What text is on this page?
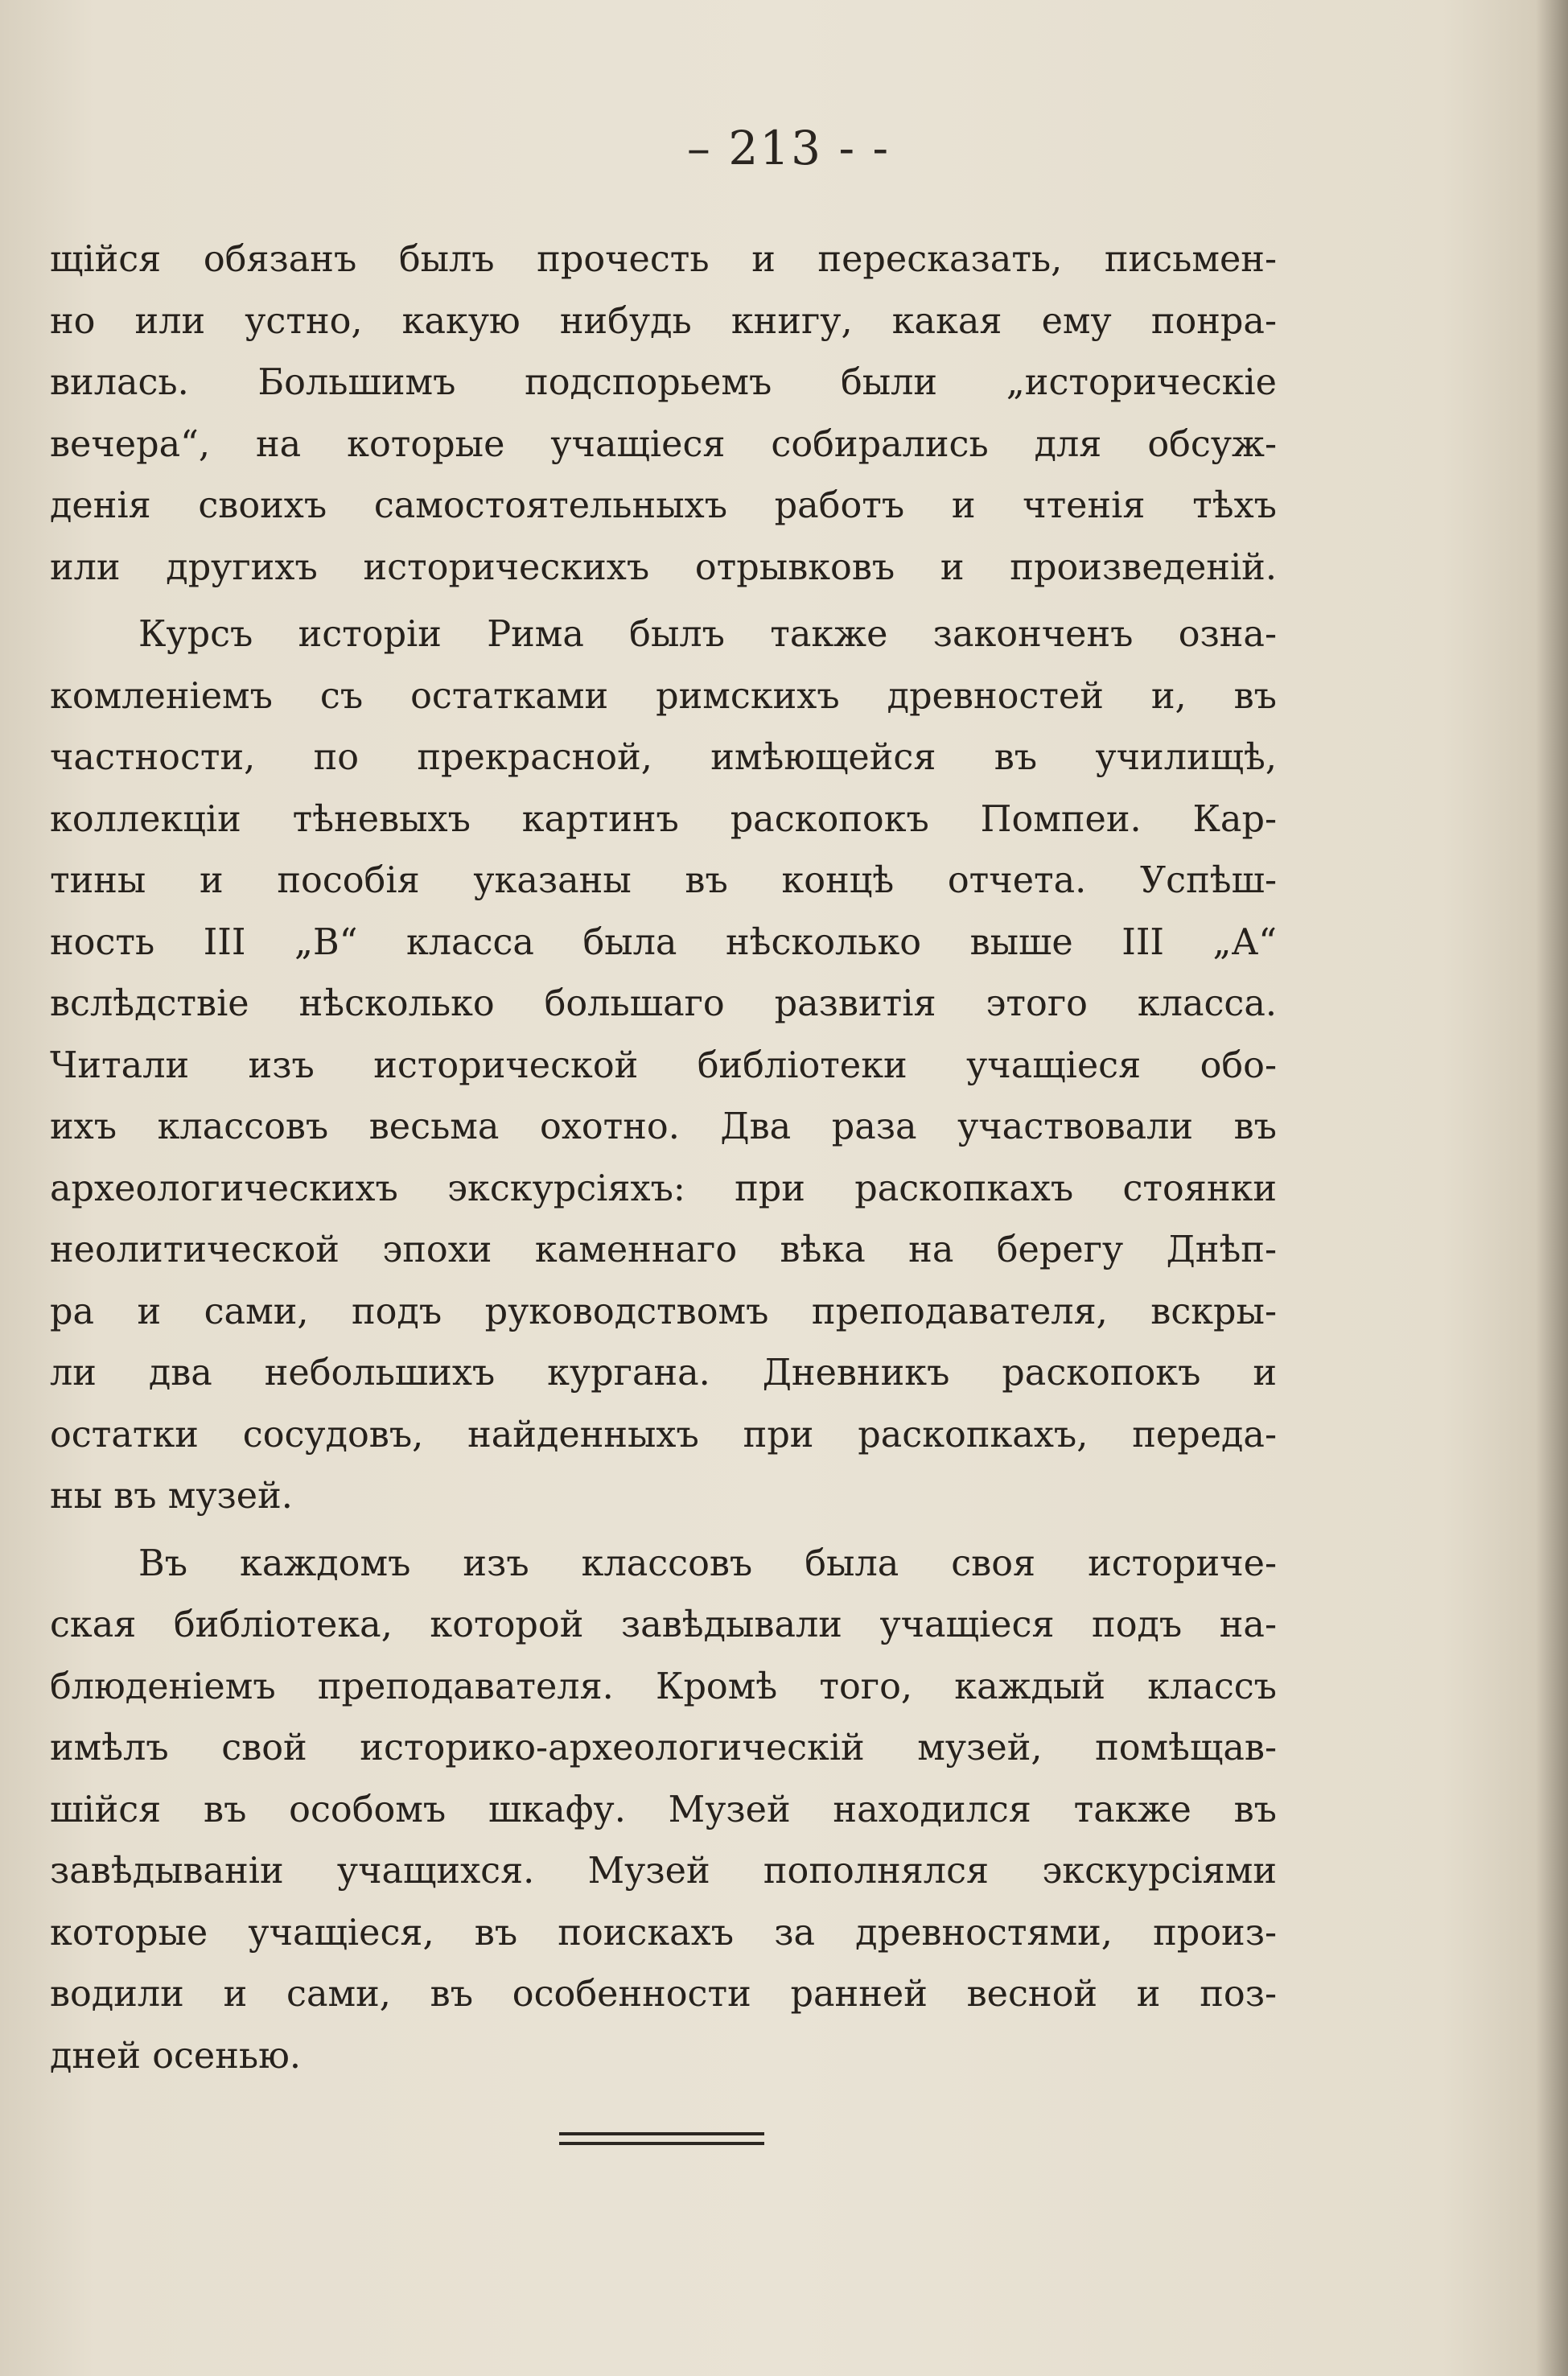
– 213 - -
щійся обязанъ былъ прочесть и пересказать, письмен-
но или устно, какую нибудь книгу, какая ему понра-
вилась. Большимъ подспорьемъ были „историческіе
вечера“, на которые учащіеся собирались для обсуж-
денія своихъ самостоятельныхъ работъ и чтенія тѣхъ
или другихъ историческихъ отрывковъ и произведеній.
Курсъ исторіи Рима былъ также законченъ озна-
комленіемъ съ остатками римскихъ древностей и, въ
частности, по прекрасной, имѣющейся въ училищѣ,
коллекціи тѣневыхъ картинъ раскопокъ Помпеи. Кар-
тины и пособія указаны въ концѣ отчета. Успѣш-
ность III „В“ класса была нѣсколько выше III „А“
вслѣдствіе нѣсколько большаго развитія этого класса.
Читали изъ исторической библіотеки учащіеся обо-
ихъ классовъ весьма охотно. Два раза участвовали въ
археологическихъ экскурсіяхъ: при раскопкахъ стоянки
неолитической эпохи каменнаго вѣка на берегу Днѣп-
ра и сами, подъ руководствомъ преподавателя, вскры-
ли два небольшихъ кургана. Дневникъ раскопокъ и
остатки сосудовъ, найденныхъ при раскопкахъ, переда-
ны въ музей.
Въ каждомъ изъ классовъ была своя историче-
ская библіотека, которой завѣдывали учащіеся подъ на-
блюденіемъ преподавателя. Кромѣ того, каждый классъ
имѣлъ свой историко-археологическій музей, помѣщав-
шійся въ особомъ шкафу. Музей находился также въ
завѣдываніи учащихся. Музей пополнялся экскурсіями
которые учащіеся, въ поискахъ за древностями, произ-
водили и сами, въ особенности ранней весной и поз-
дней осенью.
